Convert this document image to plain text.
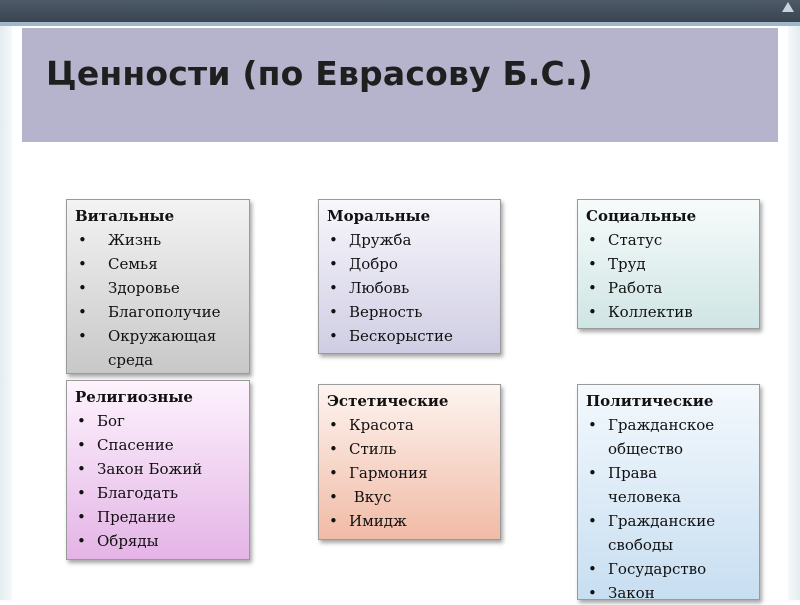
Ценности (по Еврасову Б.С.)
Витальные
• Жизнь
• Семья
• Здоровье
• Благополучие
• Окружающая
среда
Моральные
• Дружба
• Добро
• Любовь
• Верность
• Бескорыстие
Социальные
• Статус
• Труд
• Работа
• Коллектив
Религиозные
• Бог
• Спасение
• Закон Божий
• Благодать
• Предание
• Обряды
Эстетические
• Красота
• Стиль
• Гармония
•  Вкус
• Имидж
Политические
• Гражданское
общество
• Права
человека
• Гражданские
свободы
• Государство
• Закон
